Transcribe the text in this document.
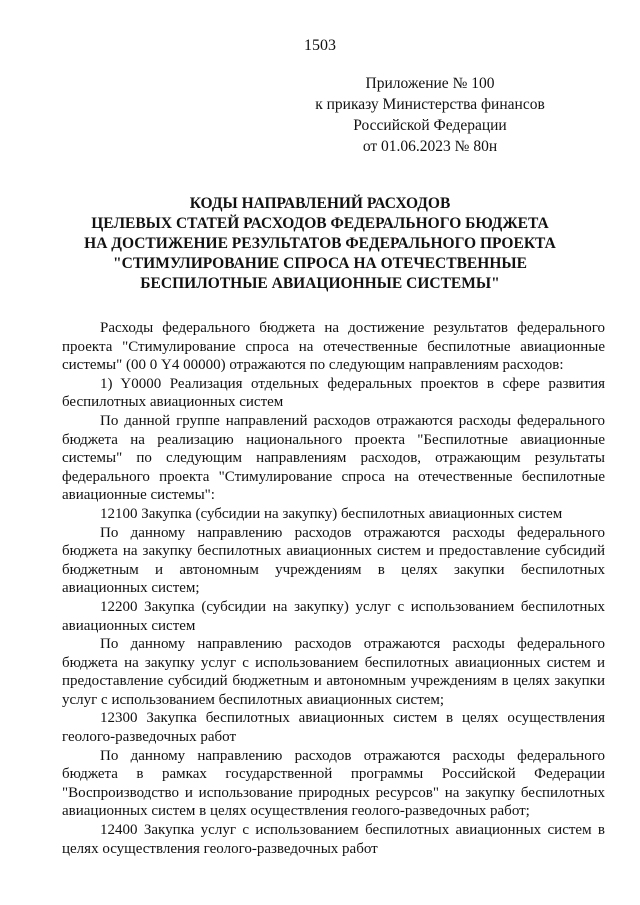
1503
Приложение № 100
к приказу Министерства финансов
Российской Федерации
от 01.06.2023 № 80н
КОДЫ НАПРАВЛЕНИЙ РАСХОДОВ
ЦЕЛЕВЫХ СТАТЕЙ РАСХОДОВ ФЕДЕРАЛЬНОГО БЮДЖЕТА
НА ДОСТИЖЕНИЕ РЕЗУЛЬТАТОВ ФЕДЕРАЛЬНОГО ПРОЕКТА
"СТИМУЛИРОВАНИЕ СПРОСА НА ОТЕЧЕСТВЕННЫЕ
БЕСПИЛОТНЫЕ АВИАЦИОННЫЕ СИСТЕМЫ"

Расходы федерального бюджета на достижение результатов федерального проекта "Стимулирование спроса на отечественные беспилотные авиационные системы" (00 0 Y4 00000) отражаются по следующим направлениям расходов:

1) Y0000 Реализация отдельных федеральных проектов в сфере развития беспилотных авиационных систем

По данной группе направлений расходов отражаются расходы федерального бюджета на реализацию национального проекта "Беспилотные авиационные системы" по следующим направлениям расходов, отражающим результаты федерального проекта "Стимулирование спроса на отечественные беспилотные авиационные системы":

12100 Закупка (субсидии на закупку) беспилотных авиационных систем

По данному направлению расходов отражаются расходы федерального бюджета на закупку беспилотных авиационных систем и предоставление субсидий бюджетным и автономным учреждениям в целях закупки беспилотных авиационных систем;

12200 Закупка (субсидии на закупку) услуг с использованием беспилотных авиационных систем

По данному направлению расходов отражаются расходы федерального бюджета на закупку услуг с использованием беспилотных авиационных систем и предоставление субсидий бюджетным и автономным учреждениям в целях закупки услуг с использованием беспилотных авиационных систем;

12300 Закупка беспилотных авиационных систем в целях осуществления геолого-разведочных работ

По данному направлению расходов отражаются расходы федерального бюджета в рамках государственной программы Российской Федерации "Воспроизводство и использование природных ресурсов" на закупку беспилотных авиационных систем в целях осуществления геолого-разведочных работ;

12400 Закупка услуг с использованием беспилотных авиационных систем в целях осуществления геолого-разведочных работ
